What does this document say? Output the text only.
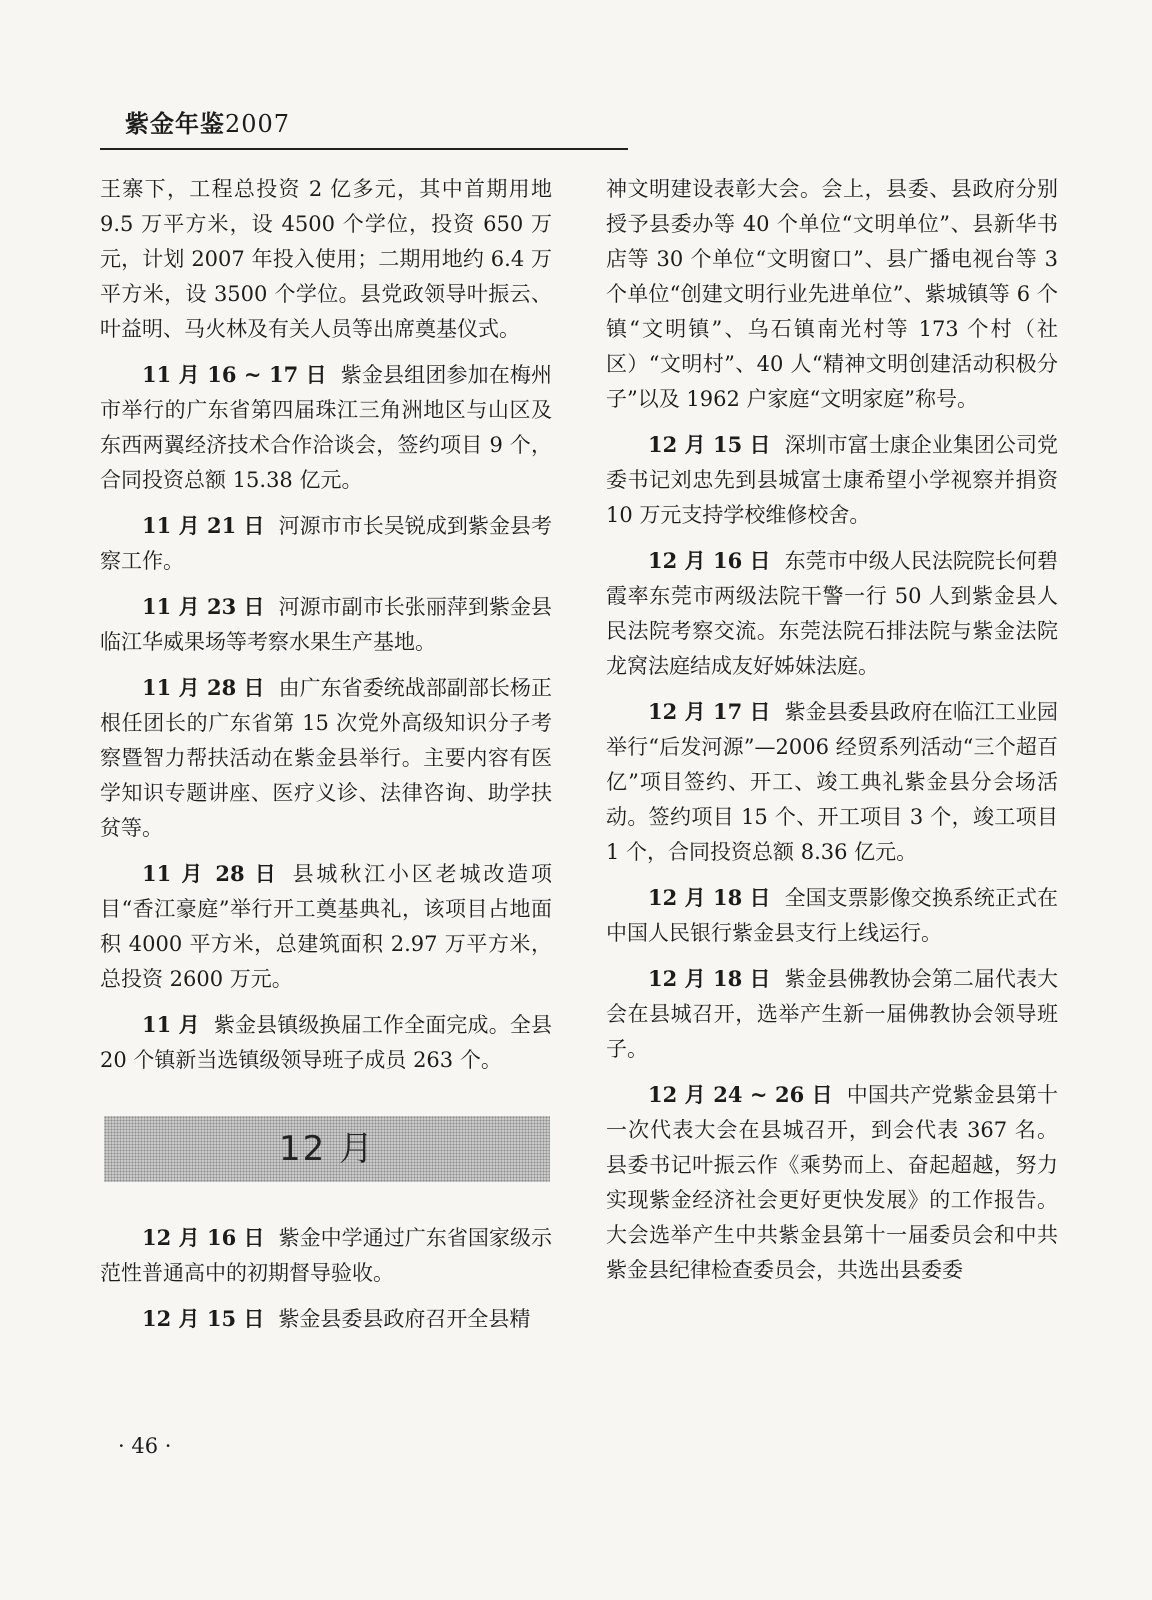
紫金年鉴2007

王寨下，工程总投资 2 亿多元，其中首期用地 9.5 万平方米，设 4500 个学位，投资 650 万元，计划 2007 年投入使用；二期用地约 6.4 万平方米，设 3500 个学位。县党政领导叶振云、叶益明、马火林及有关人员等出席奠基仪式。

11 月 16 ~ 17 日 紫金县组团参加在梅州市举行的广东省第四届珠江三角洲地区与山区及东西两翼经济技术合作洽谈会，签约项目 9 个，合同投资总额 15.38 亿元。

11 月 21 日 河源市市长吴锐成到紫金县考察工作。

11 月 23 日 河源市副市长张丽萍到紫金县临江华威果场等考察水果生产基地。

11 月 28 日 由广东省委统战部副部长杨正根任团长的广东省第 15 次党外高级知识分子考察暨智力帮扶活动在紫金县举行。主要内容有医学知识专题讲座、医疗义诊、法律咨询、助学扶贫等。

11 月 28 日 县城秋江小区老城改造项目“香江豪庭”举行开工奠基典礼，该项目占地面积 4000 平方米，总建筑面积 2.97 万平方米，总投资 2600 万元。

11 月 紫金县镇级换届工作全面完成。全县 20 个镇新当选镇级领导班子成员 263 个。

12 月

12 月 16 日 紫金中学通过广东省国家级示范性普通高中的初期督导验收。

12 月 15 日 紫金县委县政府召开全县精

神文明建设表彰大会。会上，县委、县政府分别授予县委办等 40 个单位“文明单位”、县新华书店等 30 个单位“文明窗口”、县广播电视台等 3 个单位“创建文明行业先进单位”、紫城镇等 6 个镇“文明镇”、乌石镇南光村等 173 个村（社区）“文明村”、40 人“精神文明创建活动积极分子”以及 1962 户家庭“文明家庭”称号。

12 月 15 日 深圳市富士康企业集团公司党委书记刘忠先到县城富士康希望小学视察并捐资 10 万元支持学校维修校舍。

12 月 16 日 东莞市中级人民法院院长何碧霞率东莞市两级法院干警一行 50 人到紫金县人民法院考察交流。东莞法院石排法院与紫金法院龙窝法庭结成友好姊妹法庭。

12 月 17 日 紫金县委县政府在临江工业园举行“后发河源”—2006 经贸系列活动“三个超百亿”项目签约、开工、竣工典礼紫金县分会场活动。签约项目 15 个、开工项目 3 个，竣工项目 1 个，合同投资总额 8.36 亿元。

12 月 18 日 全国支票影像交换系统正式在中国人民银行紫金县支行上线运行。

12 月 18 日 紫金县佛教协会第二届代表大会在县城召开，选举产生新一届佛教协会领导班子。

12 月 24 ~ 26 日 中国共产党紫金县第十一次代表大会在县城召开，到会代表 367 名。县委书记叶振云作《乘势而上、奋起超越，努力实现紫金经济社会更好更快发展》的工作报告。大会选举产生中共紫金县第十一届委员会和中共紫金县纪律检查委员会，共选出县委委

· 46 ·
